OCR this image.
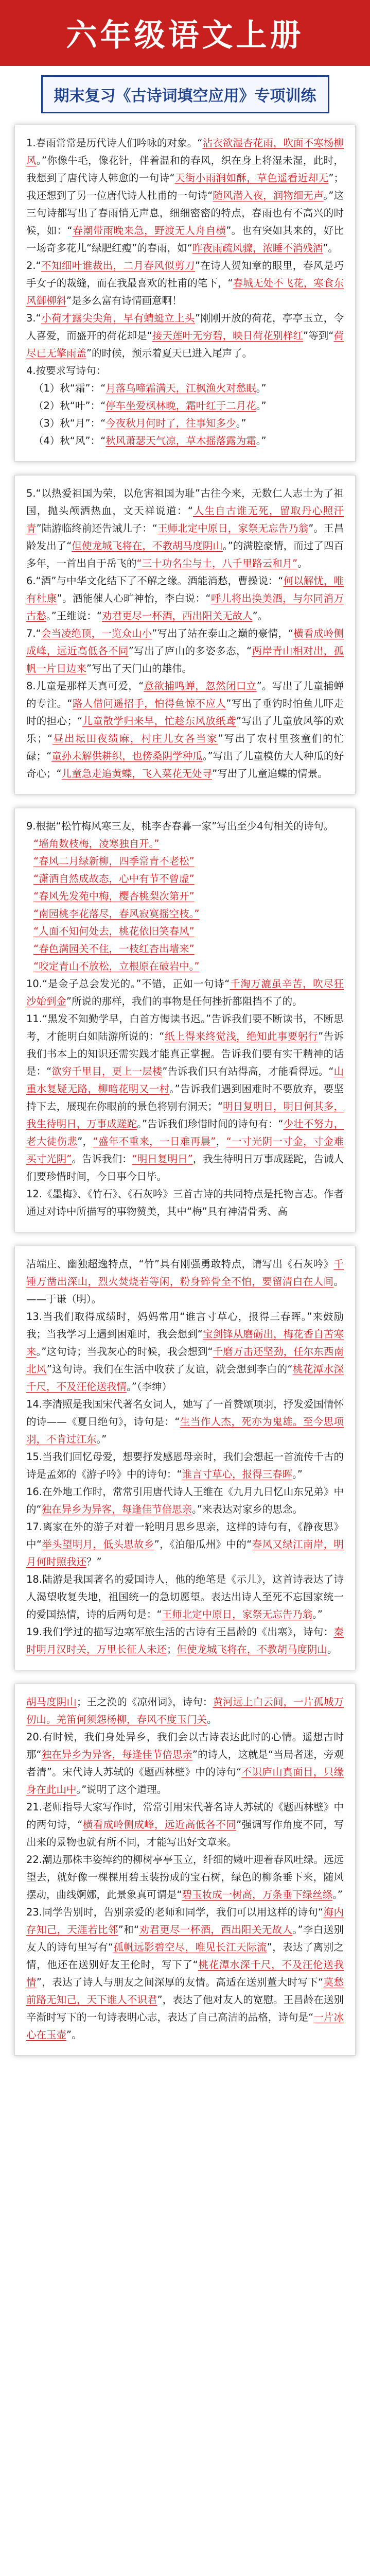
六年级语文上册
期末复习《古诗词填空应用》专项训练

1.春雨常常是历代诗人们吟咏的对象。“沾衣欲湿杏花雨，吹面不寒杨柳风。”你像牛毛，像花针，伴着温和的春风，织在身上将湿未湿，此时，我想到了唐代诗人韩愈的一句诗“天街小雨润如酥，草色遥看近却无”；我还想到了另一位唐代诗人杜甫的一句诗“随风潜入夜，润物细无声。”这三句诗都写出了春雨悄无声息，细细密密的特点，春雨也有不高兴的时候，如：“春潮带雨晚来急，野渡无人舟自横”。也有突如其来的，好比一场奇多花儿“绿肥红瘦”的春雨，如“昨夜雨疏风骤，浓睡不消残酒”。

2.“不知细叶谁裁出，二月春风似剪刀”在诗人贺知章的眼里，春风是巧手女子的裁缝，而在我最喜欢的杜甫的笔下，“春城无处不飞花，寒食东风御柳斜”是多么富有诗情画意啊！

3.“小荷才露尖尖角，早有蜻蜓立上头”刚刚开放的荷花，亭亭玉立，令人喜爱，而盛开的荷花却是“接天莲叶无穷碧，映日荷花别样红”等到“荷尽已无擎雨盖”的时候，预示着夏天已进入尾声了。

4.按要求写诗句：

（1）秋“霜”：“月落乌啼霜满天，江枫渔火对愁眠。”
（2）秋“叶”：“停车坐爱枫林晚，霜叶红于二月花。”
（3）秋“月”：“今夜秋月何时了，往事知多少。”
（4）秋“风”：“秋风萧瑟天气凉，草木摇落露为霜。”

5.“以热爱祖国为荣，以危害祖国为耻”古往今来，无数仁人志士为了祖国，抛头颅洒热血，文天祥说道：“人生自古谁无死，留取丹心照汗青”陆游临终前还告诫儿子：“王师北定中原日，家祭无忘告乃翁”。王昌龄发出了“但使龙城飞将在，不教胡马度阴山。”的满腔豪情，而过了四百多年，一首出自于岳飞的“三十功名尘与土，八千里路云和月”。

6.“酒”与中华文化结下了不解之缘。酒能消愁，曹操说：“何以解忧，唯有杜康”。酒能催人心旷神怡，李白说：“呼儿将出换美酒，与尔同消万古愁。”王维说：“劝君更尽一杯酒，西出阳关无故人”。

7.“会当凌绝顶，一览众山小”写出了站在泰山之巅的豪情，“横看成岭侧成峰，远近高低各不同”写出了庐山的多姿多态，“两岸青山相对出，孤帆一片日边来”写出了天门山的雄伟。

8.儿童是那样天真可爱，“意欲捕鸣蝉，忽然闭口立”。写出了儿童捕蝉的专注。“路人借问遥招手，怕得鱼惊不应人”写出了垂钓时怕鱼儿吓走时的担心；“儿童散学归来早，忙趁东风放纸鸢”写出了儿童放风筝的欢乐；“昼出耘田夜绩麻，村庄儿女各当家”写出了农村里孩童们的忙碌；“童孙未解供耕织，也傍桑阴学种瓜。”写出了儿童模仿大人种瓜的好奇心；“儿童急走追黄蝶，飞入菜花无处寻”写出了儿童追蝶的情景。

9.根据“松竹梅风寒三友，桃李杏春暮一家”写出至少4句相关的诗句。

“墙角数枝梅，凌寒独自开。”
“春风二月绿新柳，四季常青不老松”
“潇洒自然成故态，心中有节不曾虚”
“春风先发苑中梅，樱杏桃梨次第开”
“南园桃李花落尽，春风寂寞摇空枝。”
“人面不知何处去，桃花依旧笑春风”
“春色满园关不住，一枝红杏出墙来”
“咬定青山不放松，立根原在破岩中。”

10.“是金子总会发光的。”不错，正如一句诗“千淘万漉虽辛苦，吹尽狂沙始到金”所说的那样，我们的事物是任何挫折都阻挡不了的。

11.“黑发不知勤学早，白首方悔读书迟。”告诉我们要不断读书，不断思考，才能明白如陆游所说的：“纸上得来终觉浅，绝知此事要躬行”告诉我们书本上的知识还需实践才能真正掌握。告诉我们要有实干精神的话是：“欲穷千里目，更上一层楼”告诉我们只有站得高，才能看得远。“山重水复疑无路，柳暗花明又一村。”告诉我们遇到困难时不要放弃，要坚持下去，展现在你眼前的景色将别有洞天；“明日复明日，明日何其多，我生待明日，万事成蹉跎。”告诉我们珍惜时间的诗句有：“少壮不努力，老大徒伤悲”，“盛年不重来，一日难再晨”，“一寸光阴一寸金，寸金难买寸光阴”。告诉我们：“明日复明日”，我生待明日万事成蹉跎，告诫人们要珍惜时间，今日事今日毕。

12.《墨梅》、《竹石》、《石灰吟》三首古诗的共同特点是托物言志。作者通过对诗中所描写的事物赞美，其中“梅”具有神清骨秀、高

洁端庄、幽独超逸特点，“竹”具有刚强勇敢特点，请写出《石灰吟》千锤万凿出深山，烈火焚烧若等闲，粉身碎骨全不怕，要留清白在人间。——于谦（明）。

13.当我们取得成绩时，妈妈常用“谁言寸草心，报得三春晖。”来鼓励我；当我学习上遇到困难时，我会想到“宝剑锋从磨砺出，梅花香自苦寒来。”这句诗；当我灰心的时候，我会想到“千磨万击还坚劲，任尔东西南北风”这句诗。我们在生活中收获了友谊，就会想到李白的“桃花潭水深千尺，不及汪伦送我情。”（李绅）

14.李清照是我国宋代著名女词人，她写了一首赞颂项羽，抒发爱国情怀的诗——《夏日绝句》，诗句是：“生当作人杰，死亦为鬼雄。至今思项羽，不肯过江东。”

15.当我们回忆母爱，想要抒发感恩母亲时，我们会想起一首流传千古的诗是孟郊的《游子吟》中的诗句：“谁言寸草心，报得三春晖。”

16.在外地工作时，常常引用唐代诗人王维在《九月九日忆山东兄弟》中的“独在异乡为异客，每逢佳节倍思亲。”来表达对家乡的思念。

17.离家在外的游子对着一轮明月思乡思亲，这样的诗句有，《静夜思》中“举头望明月，低头思故乡”，《泊船瓜州》中的“春风又绿江南岸，明月何时照我还？”

18.陆游是我国著名的爱国诗人，他的绝笔是《示儿》，这首诗表达了诗人渴望收复失地，祖国统一的急切愿望。表达出诗人至死不忘国家统一的爱国热情，诗的后两句是：“王师北定中原日，家祭无忘告乃翁。”

19.我们学过的描写边塞军旅生活的古诗有王昌龄的《出塞》，诗句：秦时明月汉时关，万里长征人未还；但使龙城飞将在，不教胡马度阴山。

胡马度阴山；王之涣的《凉州词》，诗句：黄河远上白云间，一片孤城万仞山。羌笛何须怨杨柳，春风不度玉门关。

20.有时候，我们身处异乡，我们会以古诗表达此时的心情。遥想古时那“独在异乡为异客，每逢佳节倍思亲”的诗人，这就是“当局者迷，旁观者清”。宋代诗人苏轼的《题西林壁》中的诗句“不识庐山真面目，只缘身在此山中。”说明了这个道理。

21.老师指导大家写作时，常常引用宋代著名诗人苏轼的《题西林壁》中的两句诗，“横看成岭侧成峰，远近高低各不同”强调写作角度不同，写出来的景物也就有所不同，才能写出好文章来。

22.潮边那株丰姿绰约的柳树亭亭玉立，纤细的嫩叶迎着春风吐绿。远远望去，就好像一棵棵用碧玉装扮成的宝石树，绿色的柳条垂下来，随风摆动，曲线婀娜，此景象真可谓是“碧玉妆成一树高，万条垂下绿丝绦。”

23.同学告别时，告别亲爱的老师和同学，我们可以用这样的诗句“海内存知己，天涯若比邻”和“劝君更尽一杯酒，西出阳关无故人。”李白送别友人的诗句里写有“孤帆远影碧空尽，唯见长江天际流”，表达了离别之情，他还在送别好友王伦时，写下了“桃花潭水深千尺，不及汪伦送我情”，表达了诗人与朋友之间深厚的友情。高适在送别董大时写下“莫愁前路无知己，天下谁人不识君”，表达了他对友人的宽慰。王昌龄在送别辛渐时写下的一句诗表明心志，表达了自己高洁的品格，诗句是“一片冰心在玉壶”。
